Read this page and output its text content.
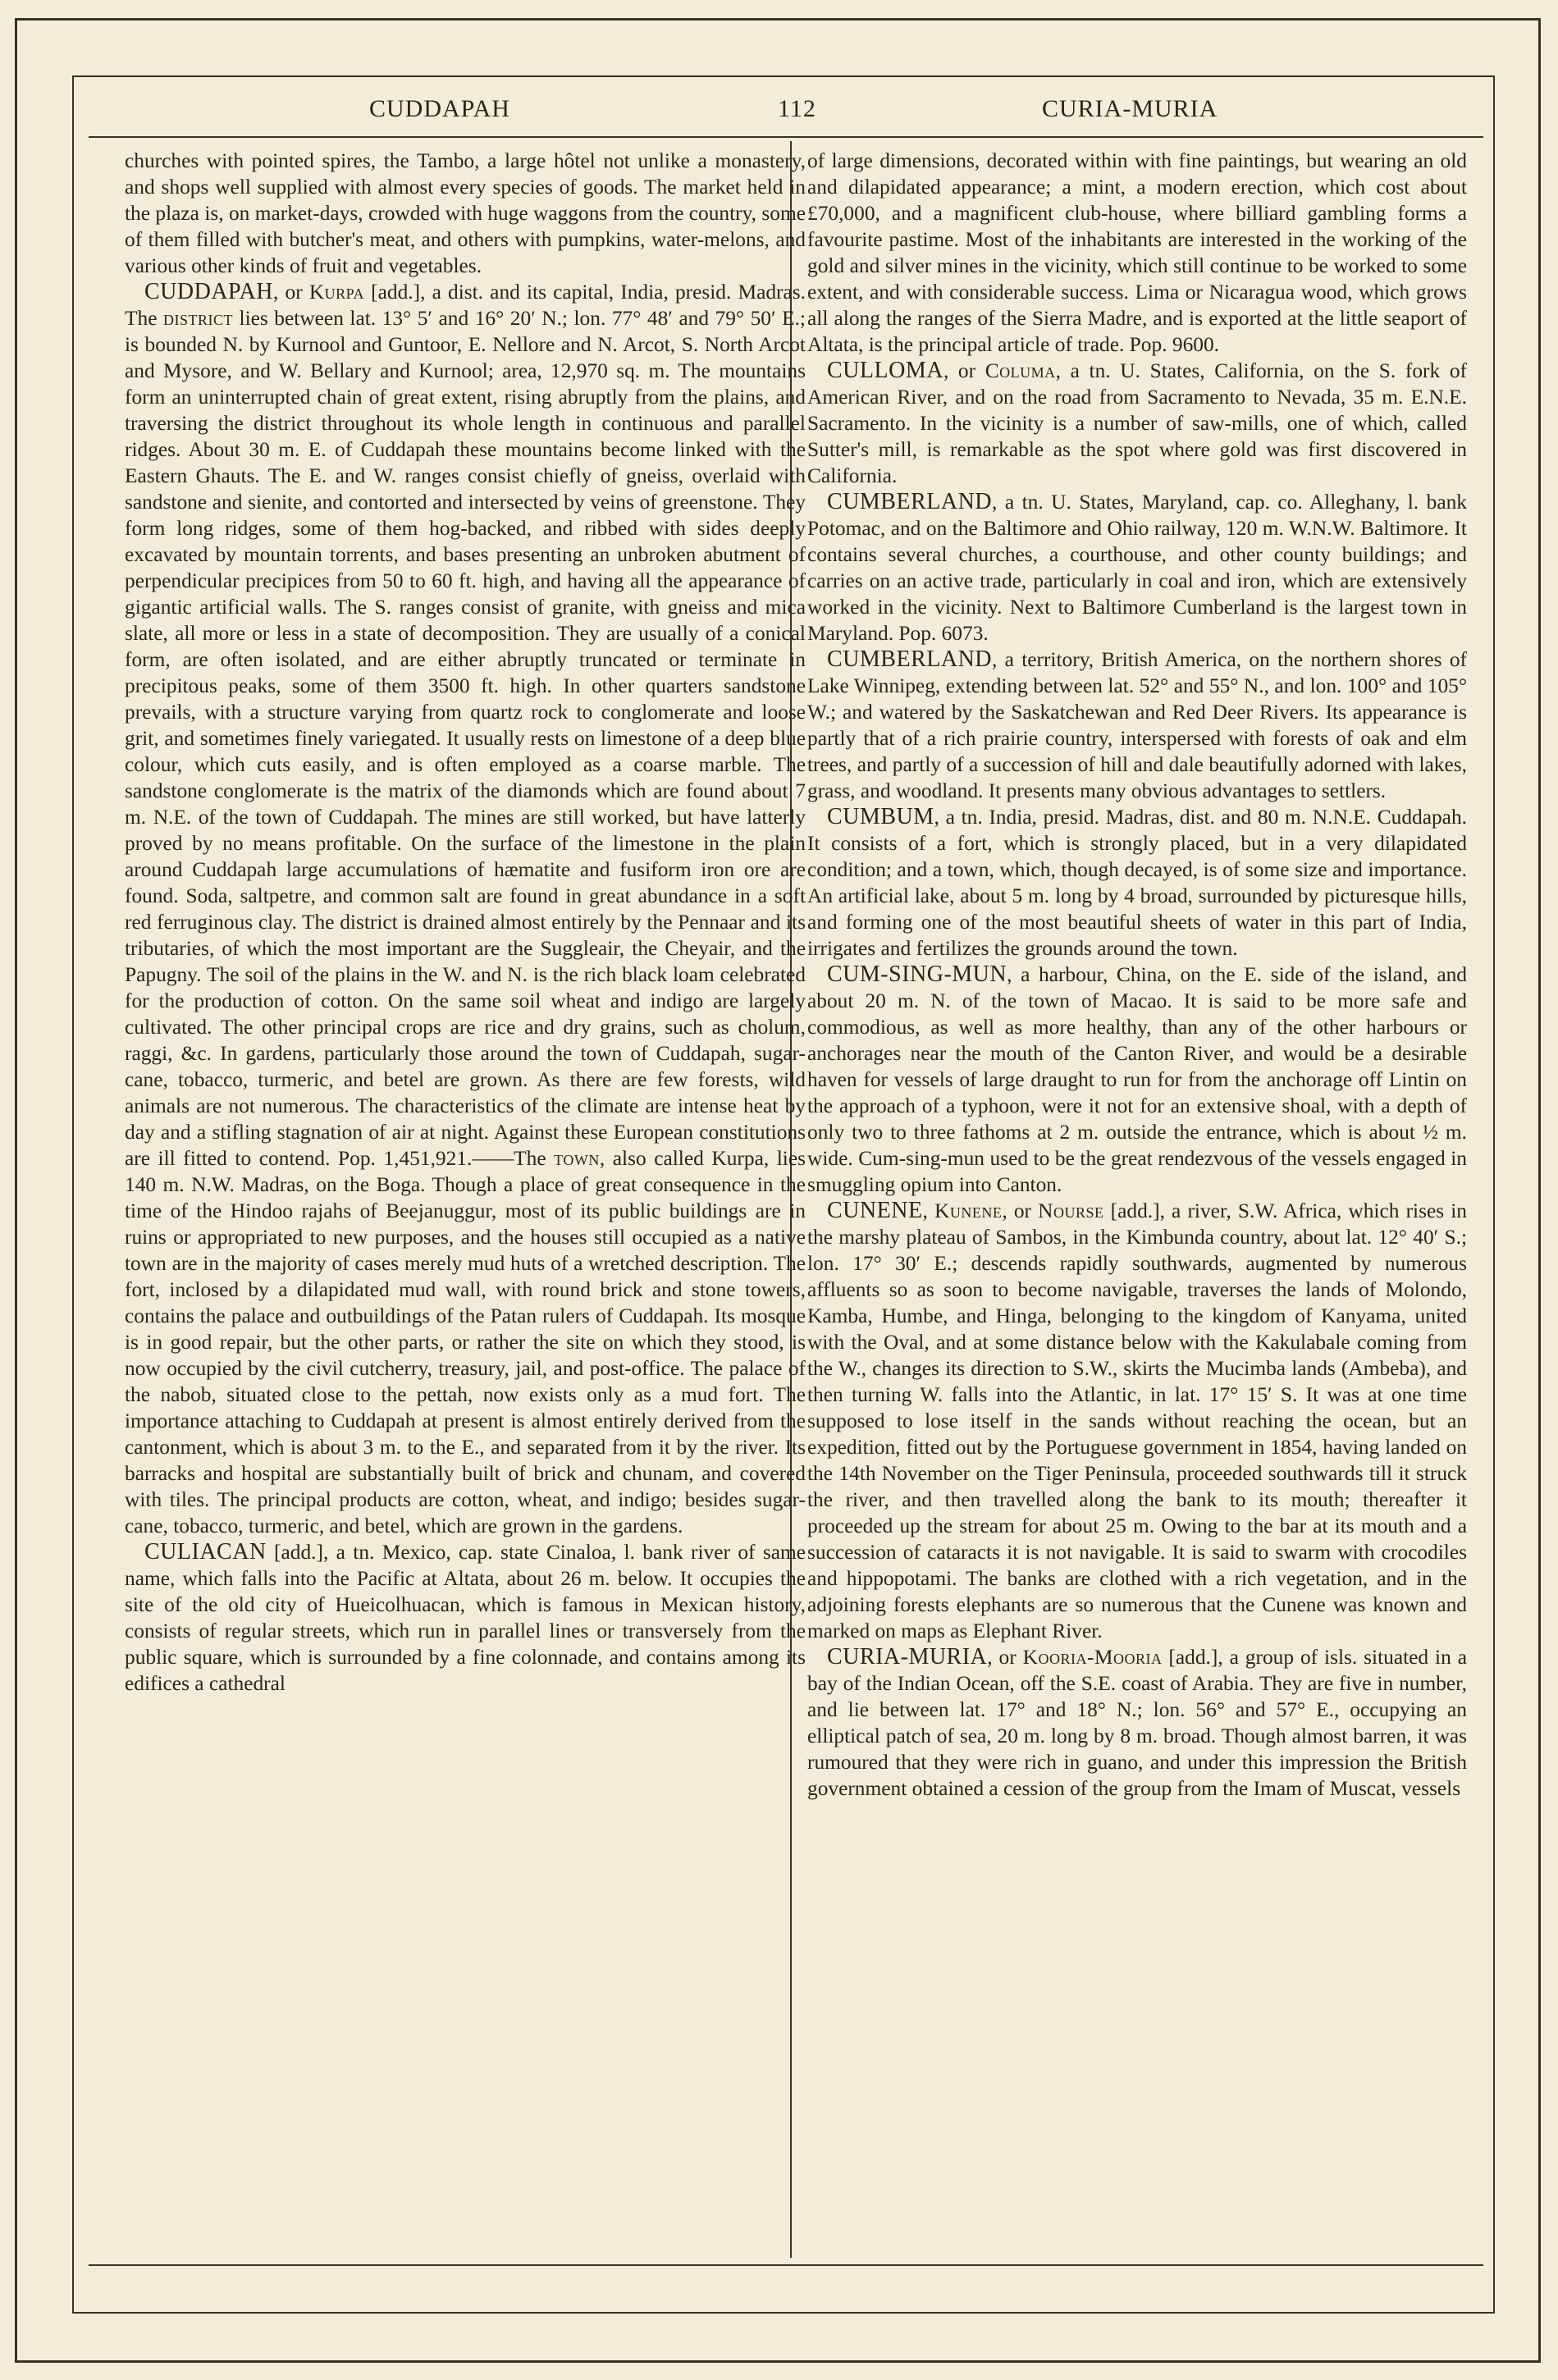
CUDDAPAH	112	CURIA-MURIA

churches with pointed spires, the Tambo, a large hôtel not unlike a monastery, and shops well supplied with almost every species of goods. The market held in the plaza is, on market-days, crowded with huge waggons from the country, some of them filled with butcher's meat, and others with pumpkins, water-melons, and various other kinds of fruit and vegetables.

CUDDAPAH, or Kurpa [add.], a dist. and its capital, India, presid. Madras. The district lies between lat. 13° 5′ and 16° 20′ N.; lon. 77° 48′ and 79° 50′ E.; is bounded N. by Kurnool and Guntoor, E. Nellore and N. Arcot, S. North Arcot and Mysore, and W. Bellary and Kurnool; area, 12,970 sq. m. The mountains form an uninterrupted chain of great extent, rising abruptly from the plains, and traversing the district throughout its whole length in continuous and parallel ridges. About 30 m. E. of Cuddapah these mountains become linked with the Eastern Ghauts. The E. and W. ranges consist chiefly of gneiss, overlaid with sandstone and sienite, and contorted and intersected by veins of greenstone. They form long ridges, some of them hog-backed, and ribbed with sides deeply excavated by mountain torrents, and bases presenting an unbroken abutment of perpendicular precipices from 50 to 60 ft. high, and having all the appearance of gigantic artificial walls. The S. ranges consist of granite, with gneiss and mica slate, all more or less in a state of decomposition. They are usually of a conical form, are often isolated, and are either abruptly truncated or terminate in precipitous peaks, some of them 3500 ft. high. In other quarters sandstone prevails, with a structure varying from quartz rock to conglomerate and loose grit, and sometimes finely variegated. It usually rests on limestone of a deep blue colour, which cuts easily, and is often employed as a coarse marble. The sandstone conglomerate is the matrix of the diamonds which are found about 7 m. N.E. of the town of Cuddapah. The mines are still worked, but have latterly proved by no means profitable. On the surface of the limestone in the plain around Cuddapah large accumulations of hæmatite and fusiform iron ore are found. Soda, saltpetre, and common salt are found in great abundance in a soft red ferruginous clay. The district is drained almost entirely by the Pennaar and its tributaries, of which the most important are the Suggleair, the Cheyair, and the Papugny. The soil of the plains in the W. and N. is the rich black loam celebrated for the production of cotton. On the same soil wheat and indigo are largely cultivated. The other principal crops are rice and dry grains, such as cholum, raggi, &c. In gardens, particularly those around the town of Cuddapah, sugar-cane, tobacco, turmeric, and betel are grown. As there are few forests, wild animals are not numerous. The characteristics of the climate are intense heat by day and a stifling stagnation of air at night. Against these European constitutions are ill fitted to contend. Pop. 1,451,921.——The town, also called Kurpa, lies 140 m. N.W. Madras, on the Boga. Though a place of great consequence in the time of the Hindoo rajahs of Beejanuggur, most of its public buildings are in ruins or appropriated to new purposes, and the houses still occupied as a native town are in the majority of cases merely mud huts of a wretched description. The fort, inclosed by a dilapidated mud wall, with round brick and stone towers, contains the palace and outbuildings of the Patan rulers of Cuddapah. Its mosque is in good repair, but the other parts, or rather the site on which they stood, is now occupied by the civil cutcherry, treasury, jail, and post-office. The palace of the nabob, situated close to the pettah, now exists only as a mud fort. The importance attaching to Cuddapah at present is almost entirely derived from the cantonment, which is about 3 m. to the E., and separated from it by the river. Its barracks and hospital are substantially built of brick and chunam, and covered with tiles. The principal products are cotton, wheat, and indigo; besides sugar-cane, tobacco, turmeric, and betel, which are grown in the gardens.

CULIACAN [add.], a tn. Mexico, cap. state Cinaloa, l. bank river of same name, which falls into the Pacific at Altata, about 26 m. below. It occupies the site of the old city of Hueicolhuacan, which is famous in Mexican history, consists of regular streets, which run in parallel lines or transversely from the public square, which is surrounded by a fine colonnade, and contains among its edifices a cathedral

of large dimensions, decorated within with fine paintings, but wearing an old and dilapidated appearance; a mint, a modern erection, which cost about £70,000, and a magnificent club-house, where billiard gambling forms a favourite pastime. Most of the inhabitants are interested in the working of the gold and silver mines in the vicinity, which still continue to be worked to some extent, and with considerable success. Lima or Nicaragua wood, which grows all along the ranges of the Sierra Madre, and is exported at the little seaport of Altata, is the principal article of trade. Pop. 9600.

CULLOMA, or Columa, a tn. U. States, California, on the S. fork of American River, and on the road from Sacramento to Nevada, 35 m. E.N.E. Sacramento. In the vicinity is a number of saw-mills, one of which, called Sutter's mill, is remarkable as the spot where gold was first discovered in California.

CUMBERLAND, a tn. U. States, Maryland, cap. co. Alleghany, l. bank Potomac, and on the Baltimore and Ohio railway, 120 m. W.N.W. Baltimore. It contains several churches, a courthouse, and other county buildings; and carries on an active trade, particularly in coal and iron, which are extensively worked in the vicinity. Next to Baltimore Cumberland is the largest town in Maryland. Pop. 6073.

CUMBERLAND, a territory, British America, on the northern shores of Lake Winnipeg, extending between lat. 52° and 55° N., and lon. 100° and 105° W.; and watered by the Saskatchewan and Red Deer Rivers. Its appearance is partly that of a rich prairie country, interspersed with forests of oak and elm trees, and partly of a succession of hill and dale beautifully adorned with lakes, grass, and woodland. It presents many obvious advantages to settlers.

CUMBUM, a tn. India, presid. Madras, dist. and 80 m. N.N.E. Cuddapah. It consists of a fort, which is strongly placed, but in a very dilapidated condition; and a town, which, though decayed, is of some size and importance. An artificial lake, about 5 m. long by 4 broad, surrounded by picturesque hills, and forming one of the most beautiful sheets of water in this part of India, irrigates and fertilizes the grounds around the town.

CUM-SING-MUN, a harbour, China, on the E. side of the island, and about 20 m. N. of the town of Macao. It is said to be more safe and commodious, as well as more healthy, than any of the other harbours or anchorages near the mouth of the Canton River, and would be a desirable haven for vessels of large draught to run for from the anchorage off Lintin on the approach of a typhoon, were it not for an extensive shoal, with a depth of only two to three fathoms at 2 m. outside the entrance, which is about ½ m. wide. Cum-sing-mun used to be the great rendezvous of the vessels engaged in smuggling opium into Canton.

CUNENE, Kunene, or Nourse [add.], a river, S.W. Africa, which rises in the marshy plateau of Sambos, in the Kimbunda country, about lat. 12° 40′ S.; lon. 17° 30′ E.; descends rapidly southwards, augmented by numerous affluents so as soon to become navigable, traverses the lands of Molondo, Kamba, Humbe, and Hinga, belonging to the kingdom of Kanyama, united with the Oval, and at some distance below with the Kakulabale coming from the W., changes its direction to S.W., skirts the Mucimba lands (Ambeba), and then turning W. falls into the Atlantic, in lat. 17° 15′ S. It was at one time supposed to lose itself in the sands without reaching the ocean, but an expedition, fitted out by the Portuguese government in 1854, having landed on the 14th November on the Tiger Peninsula, proceeded southwards till it struck the river, and then travelled along the bank to its mouth; thereafter it proceeded up the stream for about 25 m. Owing to the bar at its mouth and a succession of cataracts it is not navigable. It is said to swarm with crocodiles and hippopotami. The banks are clothed with a rich vegetation, and in the adjoining forests elephants are so numerous that the Cunene was known and marked on maps as Elephant River.

CURIA-MURIA, or Kooria-Mooria [add.], a group of isls. situated in a bay of the Indian Ocean, off the S.E. coast of Arabia. They are five in number, and lie between lat. 17° and 18° N.; lon. 56° and 57° E., occupying an elliptical patch of sea, 20 m. long by 8 m. broad. Though almost barren, it was rumoured that they were rich in guano, and under this impression the British government obtained a cession of the group from the Imam of Muscat, vessels
